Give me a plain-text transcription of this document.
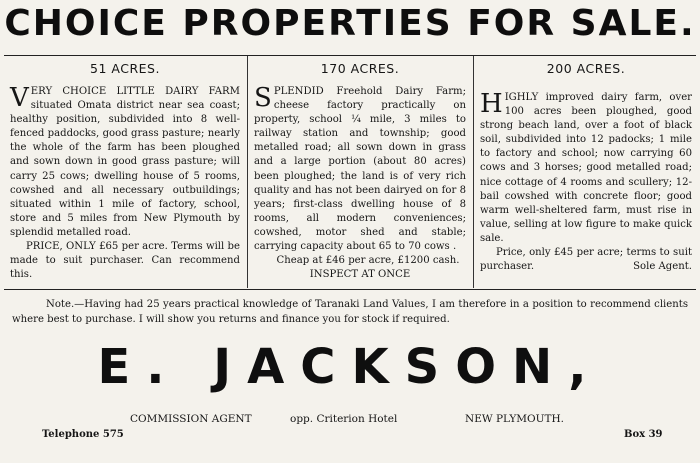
CHOICE PROPERTIES FOR SALE.
51 ACRES.
VERY CHOICE LITTLE DAIRY FARM situated Omata district near sea coast; healthy position, subdivided into 8 well-fenced paddocks, good grass pasture; nearly the whole of the farm has been ploughed and sown down in good grass pasture; will carry 25 cows; dwelling house of 5 rooms, cowshed and all necessary outbuildings; situated within 1 mile of factory, school, store and 5 miles from New Plymouth by splendid metalled road.

PRICE, ONLY £65 per acre. Terms will be made to suit purchaser. Can recommend this.

170 ACRES.
SPLENDID Freehold Dairy Farm; cheese factory practically on property, school ¼ mile, 3 miles to railway station and township; good metalled road; all sown down in grass and a large portion (about 80 acres) been ploughed; the land is of very rich quality and has not been dairyed on for 8 years; first-class dwelling house of 8 rooms, all modern conveniences; cowshed, motor shed and stable; carrying capacity about 65 to 70 cows .

Cheap at £46 per acre, £1200 cash.

INSPECT AT ONCE
200 ACRES.
HIGHLY improved dairy farm, over 100 acres been ploughed, good strong beach land, over a foot of black soil, subdivided into 12 padocks; 1 mile to factory and school; now carrying 60 cows and 3 horses; good metalled road; nice cottage of 4 rooms and scullery; 12-bail cowshed with concrete floor; good warm well-sheltered farm, must rise in value, selling at low figure to make quick sale.

Price, only £45 per acre; terms to suit purchaser.	Sole Agent.

Note.—Having had 25 years practical knowledge of Taranaki Land Values, I am therefore in a position to recommend clients where best to purchase. I will show you returns and finance you for stock if required.
E. JACKSON,
COMMISSION AGENT	opp. Criterion Hotel	NEW PLYMOUTH.
Telephone 575	Box 39
